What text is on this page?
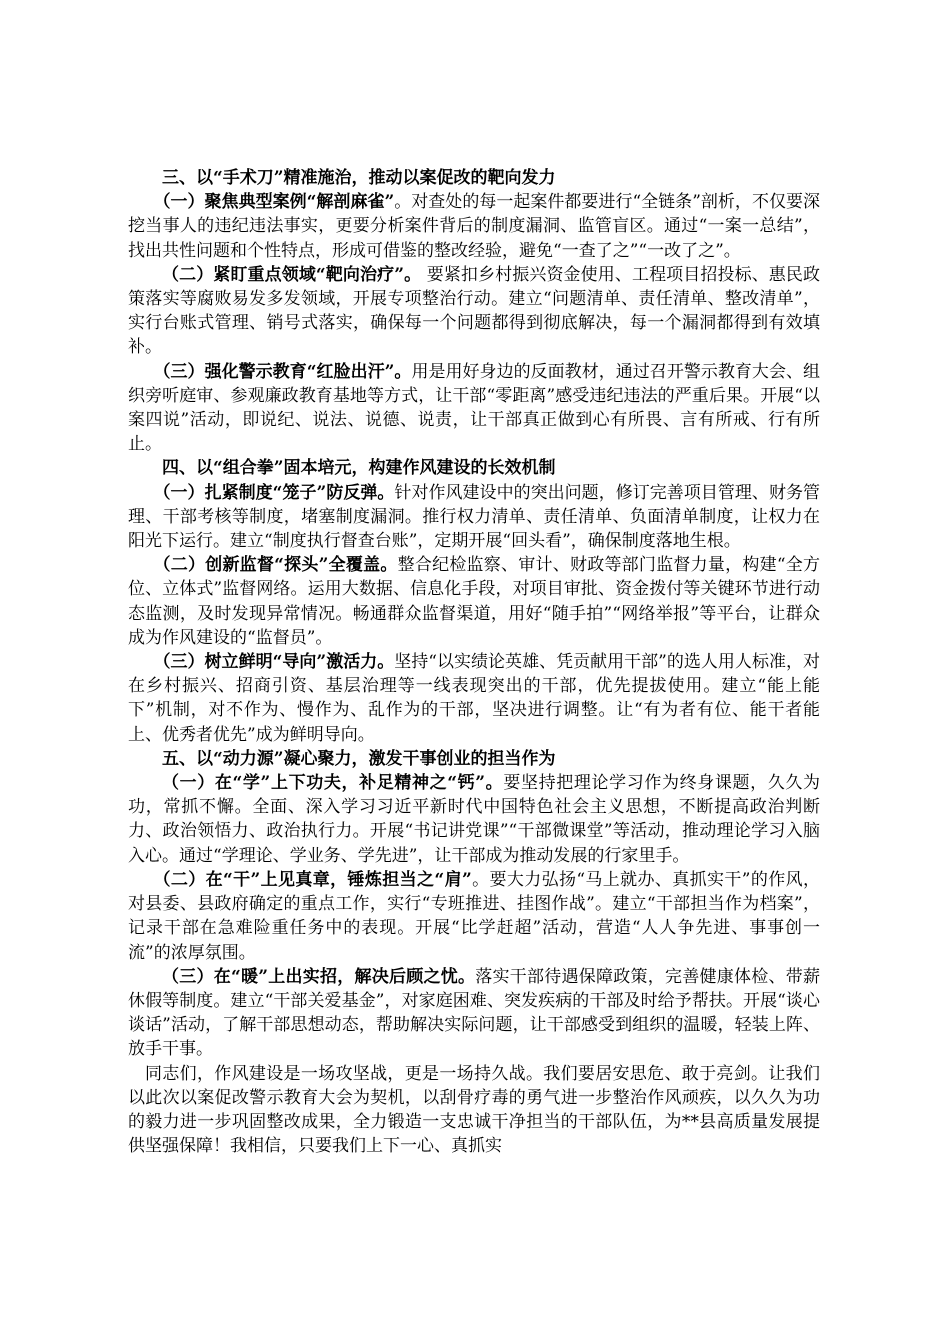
三、以“手术刀”精准施治，推动以案促改的靶向发力

（一）聚焦典型案例“解剖麻雀”。对查处的每一起案件都要进行“全链条”剖析，不仅要深挖当事人的违纪违法事实，更要分析案件背后的制度漏洞、监管盲区。通过“一案一总结”，找出共性问题和个性特点，形成可借鉴的整改经验，避免“一查了之”“一改了之”。

（二）紧盯重点领域“靶向治疗”。 要紧扣乡村振兴资金使用、工程项目招投标、惠民政策落实等腐败易发多发领域，开展专项整治行动。建立“问题清单、责任清单、整改清单”，实行台账式管理、销号式落实，确保每一个问题都得到彻底解决，每一个漏洞都得到有效填补。

（三）强化警示教育“红脸出汗”。用是用好身边的反面教材，通过召开警示教育大会、组织旁听庭审、参观廉政教育基地等方式，让干部“零距离”感受违纪违法的严重后果。开展“以案四说”活动，即说纪、说法、说德、说责，让干部真正做到心有所畏、言有所戒、行有所止。

四、以“组合拳”固本培元，构建作风建设的长效机制

（一）扎紧制度“笼子”防反弹。针对作风建设中的突出问题，修订完善项目管理、财务管理、干部考核等制度，堵塞制度漏洞。推行权力清单、责任清单、负面清单制度，让权力在阳光下运行。建立“制度执行督查台账”，定期开展“回头看”，确保制度落地生根。

（二）创新监督“探头”全覆盖。整合纪检监察、审计、财政等部门监督力量，构建“全方位、立体式”监督网络。运用大数据、信息化手段，对项目审批、资金拨付等关键环节进行动态监测，及时发现异常情况。畅通群众监督渠道，用好“随手拍”“网络举报”等平台，让群众成为作风建设的“监督员”。

（三）树立鲜明“导向”激活力。坚持“以实绩论英雄、凭贡献用干部”的选人用人标准，对在乡村振兴、招商引资、基层治理等一线表现突出的干部，优先提拔使用。建立“能上能下”机制，对不作为、慢作为、乱作为的干部，坚决进行调整。让“有为者有位、能干者能上、优秀者优先”成为鲜明导向。

五、以“动力源”凝心聚力，激发干事创业的担当作为

（一）在“学”上下功夫，补足精神之“钙”。要坚持把理论学习作为终身课题，久久为功，常抓不懈。全面、深入学习习近平新时代中国特色社会主义思想，不断提高政治判断力、政治领悟力、政治执行力。开展“书记讲党课”“干部微课堂”等活动，推动理论学习入脑入心。通过“学理论、学业务、学先进”，让干部成为推动发展的行家里手。

（二）在“干”上见真章，锤炼担当之“肩”。要大力弘扬“马上就办、真抓实干”的作风，对县委、县政府确定的重点工作，实行“专班推进、挂图作战”。建立“干部担当作为档案”，记录干部在急难险重任务中的表现。开展“比学赶超”活动，营造“人人争先进、事事创一流”的浓厚氛围。

（三）在“暖”上出实招，解决后顾之忧。落实干部待遇保障政策，完善健康体检、带薪休假等制度。建立“干部关爱基金”，对家庭困难、突发疾病的干部及时给予帮扶。开展“谈心谈话”活动，了解干部思想动态，帮助解决实际问题，让干部感受到组织的温暖，轻装上阵、放手干事。

同志们，作风建设是一场攻坚战，更是一场持久战。我们要居安思危、敢于亮剑。让我们以此次以案促改警示教育大会为契机，以刮骨疗毒的勇气进一步整治作风顽疾，以久久为功的毅力进一步巩固整改成果，全力锻造一支忠诚干净担当的干部队伍，为**县高质量发展提供坚强保障！我相信，只要我们上下一心、真抓实
